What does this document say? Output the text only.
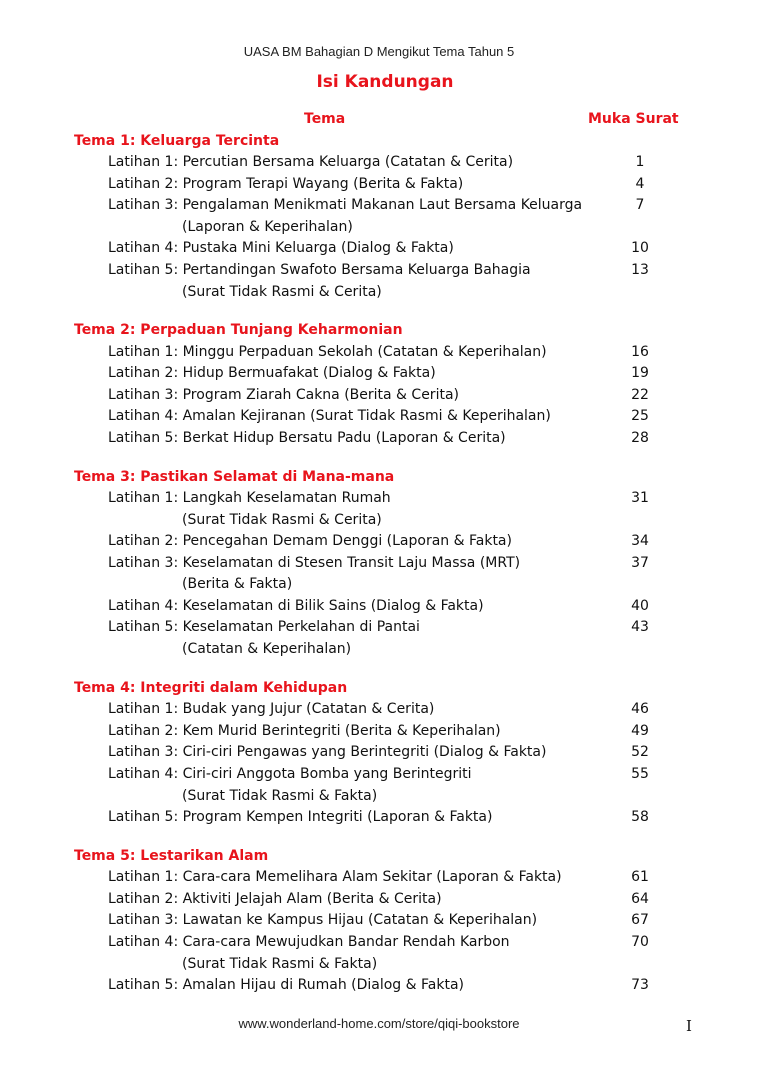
UASA BM Bahagian D Mengikut Tema Tahun 5
Isi Kandungan
Tema	Muka Surat
Tema 1: Keluarga Tercinta
Latihan 1: Percutian Bersama Keluarga (Catatan & Cerita)	1
Latihan 2: Program Terapi Wayang (Berita & Fakta)	4
Latihan 3: Pengalaman Menikmati Makanan Laut Bersama Keluarga	7
(Laporan & Keperihalan)
Latihan 4: Pustaka Mini Keluarga (Dialog & Fakta)	10
Latihan 5: Pertandingan Swafoto Bersama Keluarga Bahagia	13
(Surat Tidak Rasmi & Cerita)
Tema 2: Perpaduan Tunjang Keharmonian
Latihan 1: Minggu Perpaduan Sekolah (Catatan & Keperihalan)	16
Latihan 2: Hidup Bermuafakat (Dialog & Fakta)	19
Latihan 3: Program Ziarah Cakna (Berita & Cerita)	22
Latihan 4: Amalan Kejiranan (Surat Tidak Rasmi & Keperihalan)	25
Latihan 5: Berkat Hidup Bersatu Padu (Laporan & Cerita)	28
Tema 3: Pastikan Selamat di Mana-mana
Latihan 1: Langkah Keselamatan Rumah	31
(Surat Tidak Rasmi & Cerita)
Latihan 2: Pencegahan Demam Denggi (Laporan & Fakta)	34
Latihan 3: Keselamatan di Stesen Transit Laju Massa (MRT)	37
(Berita & Fakta)
Latihan 4: Keselamatan di Bilik Sains (Dialog & Fakta)	40
Latihan 5: Keselamatan Perkelahan di Pantai	43
(Catatan & Keperihalan)
Tema 4: Integriti dalam Kehidupan
Latihan 1: Budak yang Jujur (Catatan & Cerita)	46
Latihan 2: Kem Murid Berintegriti (Berita & Keperihalan)	49
Latihan 3: Ciri-ciri Pengawas yang Berintegriti (Dialog & Fakta)	52
Latihan 4: Ciri-ciri Anggota Bomba yang Berintegriti	55
(Surat Tidak Rasmi & Fakta)
Latihan 5: Program Kempen Integriti (Laporan & Fakta)	58
Tema 5: Lestarikan Alam
Latihan 1: Cara-cara Memelihara Alam Sekitar (Laporan & Fakta)	61
Latihan 2: Aktiviti Jelajah Alam (Berita & Cerita)	64
Latihan 3: Lawatan ke Kampus Hijau (Catatan & Keperihalan)	67
Latihan 4: Cara-cara Mewujudkan Bandar Rendah Karbon	70
(Surat Tidak Rasmi & Fakta)
Latihan 5: Amalan Hijau di Rumah (Dialog & Fakta)	73
www.wonderland-home.com/store/qiqi-bookstore	I
